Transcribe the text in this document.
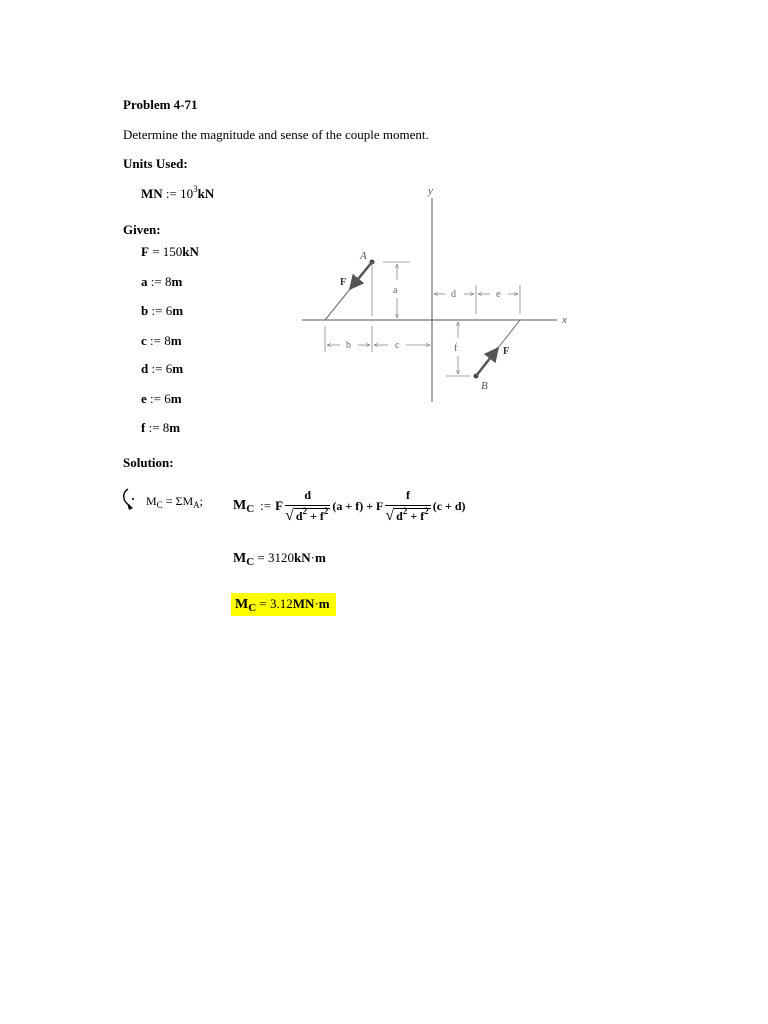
Problem 4-71
Determine the magnitude and sense of the couple moment.
Units Used:
MN := $10^3kN$
Given:
F = 150kN
a := 8m
b := 6m
c := 8m
d := 6m
e := 6m
f := 8m
y
x
A
F
a
b	c
d	e
B
F
f
Solution:
$M_C = \Sigma M_A$; M C := F $\frac{d}{√ d^2 + f^2} (a + f) + F \frac{f}{√ d^2 + f^2} (c + d)$
$M_C = 3120kN\cdot m$
$M_C = 3.12MN\cdot m$
